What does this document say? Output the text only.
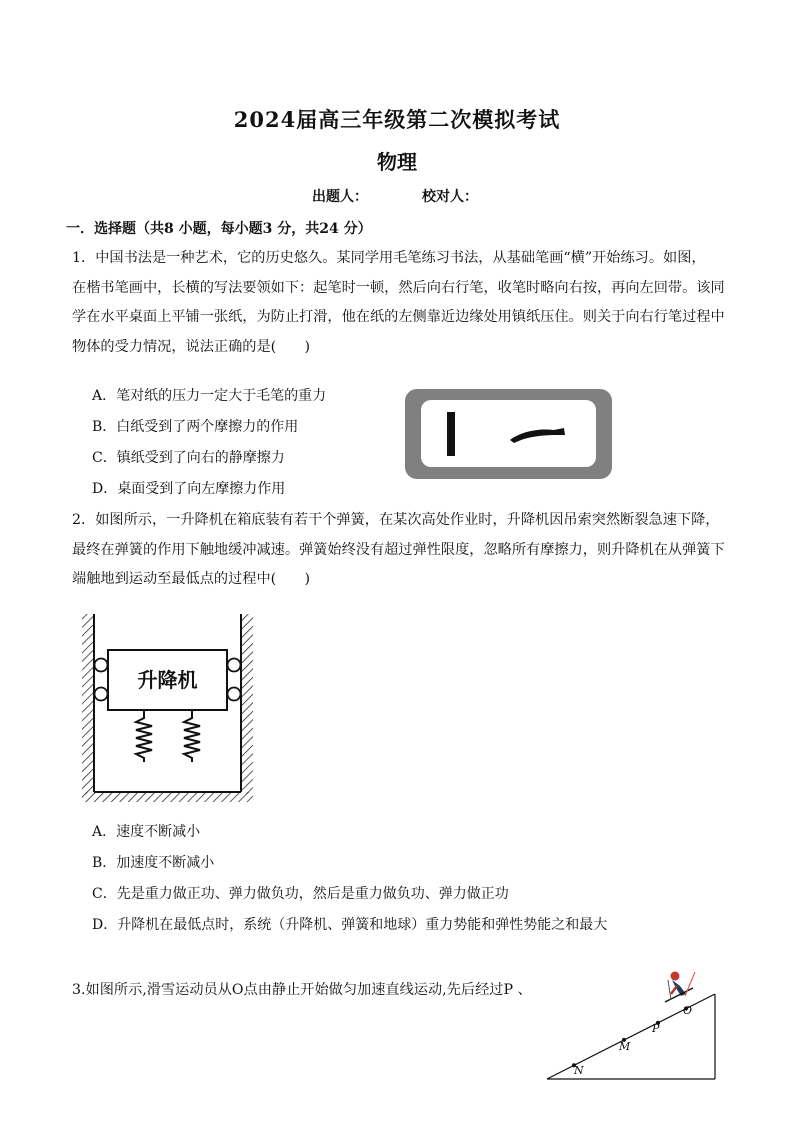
2024届高三年级第二次模拟考试
物理
出题人：	校对人：
一．选择题（共8 小题，每小题3 分，共24 分）
1．中国书法是一种艺术，它的历史悠久。某同学用毛笔练习书法，从基础笔画“横”开始练习。如图，
在楷书笔画中，长横的写法要领如下：起笔时一顿，然后向右行笔，收笔时略向右按，再向左回带。该同
学在水平桌面上平铺一张纸，为防止打滑，他在纸的左侧靠近边缘处用镇纸压住。则关于向右行笔过程中
物体的受力情况，说法正确的是(　　)
A．笔对纸的压力一定大于毛笔的重力
B．白纸受到了两个摩擦力的作用
C．镇纸受到了向右的静摩擦力
D．桌面受到了向左摩擦力作用
2．如图所示，一升降机在箱底装有若干个弹簧，在某次高处作业时，升降机因吊索突然断裂急速下降，
最终在弹簧的作用下触地缓冲减速。弹簧始终没有超过弹性限度，忽略所有摩擦力，则升降机在从弹簧下
端触地到运动至最低点的过程中(　　)
升降机
A．速度不断减小
B．加速度不断减小
C．先是重力做正功、弹力做负功，然后是重力做负功、弹力做正功
D．升降机在最低点时，系统（升降机、弹簧和地球）重力势能和弹性势能之和最大
3.如图所示,滑雪运动员从O点由静止开始做匀加速直线运动,先后经过P 、
O
P
M
N
